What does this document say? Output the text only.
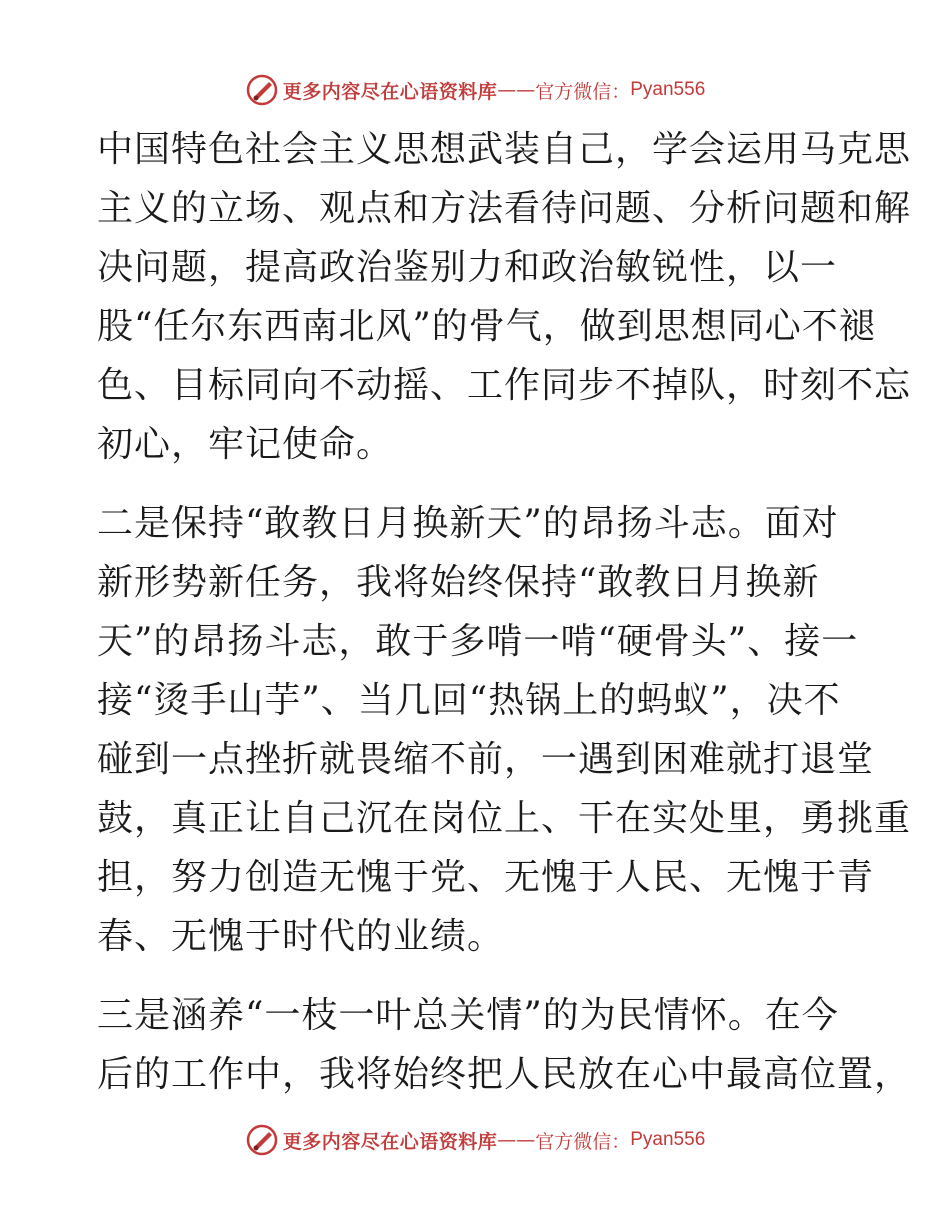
更多内容尽在心语资料库 —— 官方微信： Pyan556

中国特色社会主义思想武装自己，学会运用马克思
主义的立场、观点和方法看待问题、分析问题和解
决问题，提高政治鉴别力和政治敏锐性，以一
股“任尔东西南北风”的骨气，做到思想同心不褪
色、目标同向不动摇、工作同步不掉队，时刻不忘
初心，牢记使命。

二是保持“敢教日月换新天”的昂扬斗志。面对
新形势新任务，我将始终保持“敢教日月换新
天”的昂扬斗志，敢于多啃一啃“硬骨头”、接一
接“烫手山芋”、当几回“热锅上的蚂蚁”，决不
碰到一点挫折就畏缩不前，一遇到困难就打退堂
鼓，真正让自己沉在岗位上、干在实处里，勇挑重
担，努力创造无愧于党、无愧于人民、无愧于青
春、无愧于时代的业绩。

三是涵养“一枝一叶总关情”的为民情怀。在今
后的工作中，我将始终把人民放在心中最高位置，

更多内容尽在心语资料库 —— 官方微信： Pyan556
